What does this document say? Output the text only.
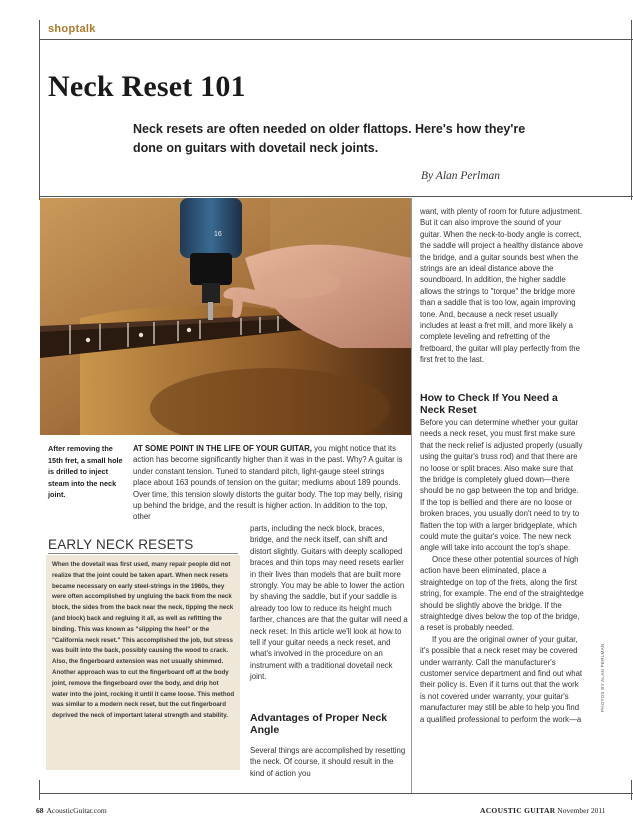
shoptalk
Neck Reset 101
Neck resets are often needed on older flattops. Here's how they're done on guitars with dovetail neck joints.
By Alan Perlman
16
After removing the 15th fret, a small hole is drilled to inject steam into the neck joint.
AT SOME POINT IN THE LIFE OF YOUR GUITAR, you might notice that its action has become significantly higher than it was in the past. Why? A guitar is under constant tension. Tuned to standard pitch, light-gauge steel strings place about 163 pounds of tension on the guitar; mediums about 189 pounds. Over time, this tension slowly distorts the guitar body. The top may belly, rising up behind the bridge, and the result is higher action. In addition to the top, other
parts, including the neck block, braces, bridge, and the neck itself, can shift and distort slightly. Guitars with deeply scalloped braces and thin tops may need resets earlier in their lives than models that are built more strongly. You may be able to lower the action by shaving the saddle, but if your saddle is already too low to reduce its height much farther, chances are that the guitar will need a neck reset. In this article we'll look at how to tell if your guitar needs a neck reset, and what's involved in the procedure on an instrument with a traditional dovetail neck joint.
Advantages of Proper Neck Angle
Several things are accomplished by resetting the neck. Of course, it should result in the kind of action you
EARLY NECK RESETS
When the dovetail was first used, many repair people did not realize that the joint could be taken apart. When neck resets became necessary on early steel-strings in the 1960s, they were often accomplished by ungluing the back from the neck block, the sides from the back near the neck, tipping the neck (and block) back and regluing it all, as well as refitting the binding. This was known as "slipping the heel" or the "California neck reset." This accomplished the job, but stress was built into the back, possibly causing the wood to crack. Also, the fingerboard extension was not usually shimmed. Another approach was to cut the fingerboard off at the body joint, remove the fingerboard over the body, and drip hot water into the joint, rocking it until it came loose. This method was similar to a modern neck reset, but the cut fingerboard deprived the neck of important lateral strength and stability.
want, with plenty of room for future adjustment. But it can also improve the sound of your guitar. When the neck-to-body angle is correct, the saddle will project a healthy distance above the bridge, and a guitar sounds best when the strings are an ideal distance above the soundboard. In addition, the higher saddle allows the strings to "torque" the bridge more than a saddle that is too low, again improving tone. And, because a neck reset usually includes at least a fret mill, and more likely a complete leveling and refretting of the fretboard, the guitar will play perfectly from the first fret to the last.
How to Check If You Need a Neck Reset

Before you can determine whether your guitar needs a neck reset, you must first make sure that the neck relief is adjusted properly (usually using the guitar's truss rod) and that there are no loose or split braces. Also make sure that the bridge is completely glued down—there should be no gap between the top and bridge. If the top is bellied and there are no loose or broken braces, you usually don't need to try to flatten the top with a larger bridgeplate, which could mute the guitar's voice. The new neck angle will take into account the top's shape.

Once these other potential sources of high action have been eliminated, place a straightedge on top of the frets, along the first string, for example. The end of the straightedge should be slightly above the bridge. If the straightedge dives below the top of the bridge, a reset is probably needed.

If you are the original owner of your guitar, it's possible that a neck reset may be covered under warranty. Call the manufacturer's customer service department and find out what their policy is. Even if it turns out that the work is not covered under warranty, your guitar's manufacturer may still be able to help you find a qualified professional to perform the work—a

PHOTOS BY ALAN PERLMAN
68 AcousticGuitar.com	ACOUSTIC GUITAR November 2011
